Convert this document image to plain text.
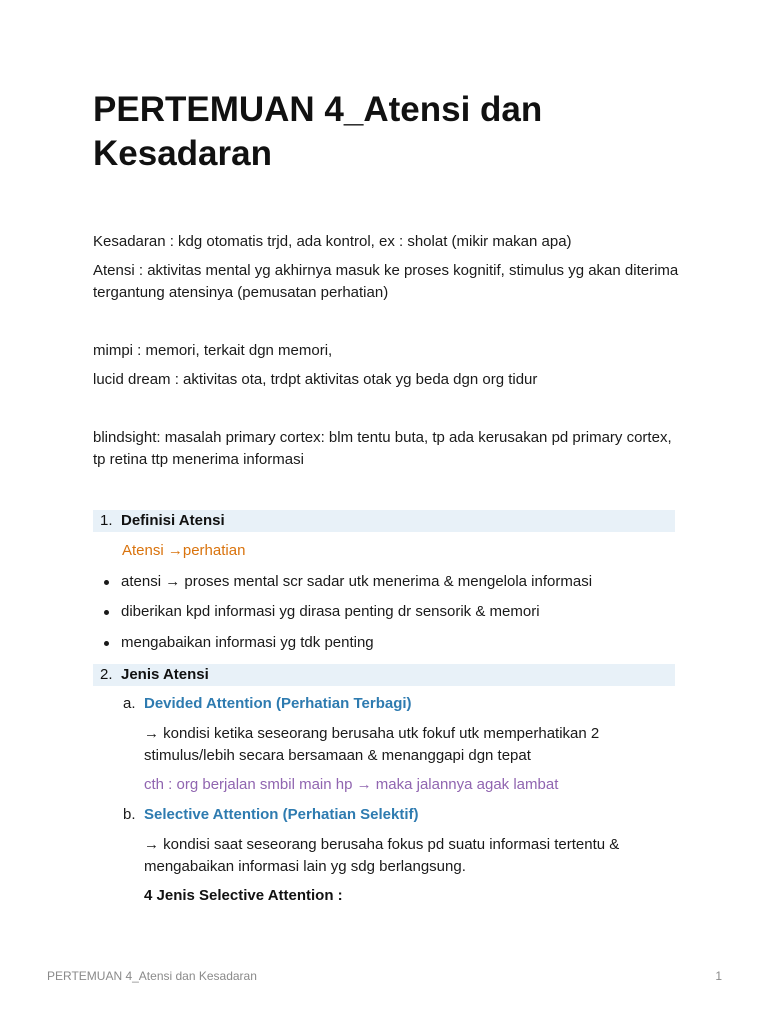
PERTEMUAN 4_Atensi dan Kesadaran

Kesadaran : kdg otomatis trjd, ada kontrol, ex : sholat (mikir makan apa)

Atensi : aktivitas mental yg akhirnya masuk ke proses kognitif, stimulus yg akan diterima tergantung atensinya (pemusatan perhatian)

mimpi : memori, terkait dgn memori,

lucid dream : aktivitas ota, trdpt aktivitas otak yg beda dgn org tidur

blindsight: masalah primary cortex: blm tentu buta, tp ada kerusakan pd primary cortex, tp retina ttp menerima informasi

1. Definisi Atensi
Atensi →perhatian
atensi → proses mental scr sadar utk menerima & mengelola informasi
diberikan kpd informasi yg dirasa penting dr sensorik & memori
mengabaikan informasi yg tdk penting
2. Jenis Atensi
a. Devided Attention (Perhatian Terbagi)

→ kondisi ketika seseorang berusaha utk fokuf utk memperhatikan 2 stimulus/lebih secara bersamaan & menanggapi dgn tepat

cth : org berjalan smbil main hp → maka jalannya agak lambat

b. Selective Attention (Perhatian Selektif)

→ kondisi saat seseorang berusaha fokus pd suatu informasi tertentu & mengabaikan informasi lain yg sdg berlangsung.

4 Jenis Selective Attention :
PERTEMUAN 4_Atensi dan Kesadaran	1
